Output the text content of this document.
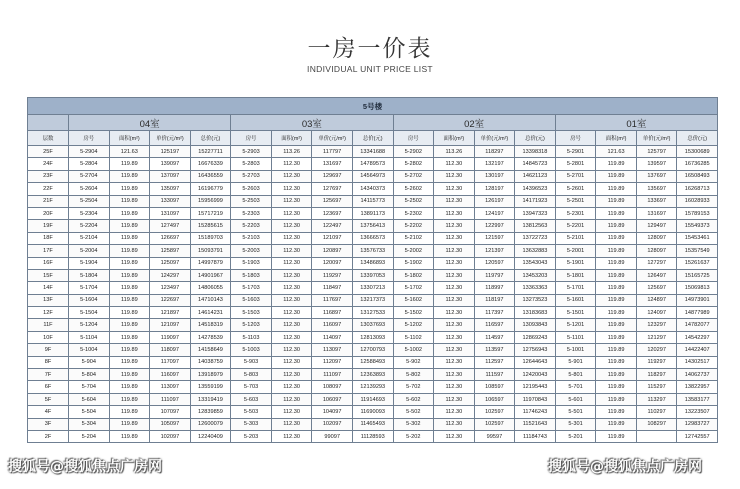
一房一价表
INDIVIDUAL UNIT PRICE LIST
5号楼																
	04室				03室				02室				01室			
层数	房号	面积(m²)	单价(元/m²)	总价(元)	房号	面积(m²)	单价(元/m²)	总价(元)	房号	面积(m²)	单价(元/m²)	总价(元)	房号	面积(m²)	单价(元/m²)	总价(元)
25F	5-2904	121.63	125197	15227711	5-2903	113.26	117797	13341688	5-2902	113.26	118297	13398318	5-2901	121.63	125797	15300689
24F	5-2804	119.89	139097	16676339	5-2803	112.30	131697	14789573	5-2802	112.30	132197	14845723	5-2801	119.89	139597	16736285
23F	5-2704	119.89	137097	16436559	5-2703	112.30	129697	14564973	5-2702	112.30	130197	14621123	5-2701	119.89	137697	16508493
22F	5-2604	119.89	135097	16196779	5-2603	112.30	127697	14340373	5-2602	112.30	128197	14396523	5-2601	119.89	135697	16268713
21F	5-2504	119.89	133097	15956999	5-2503	112.30	125697	14115773	5-2502	112.30	126197	14171923	5-2501	119.89	133697	16028933
20F	5-2304	119.89	131097	15717219	5-2303	112.30	123697	13891173	5-2302	112.30	124197	13947323	5-2301	119.89	131697	15789153
19F	5-2204	119.89	127497	15285615	5-2203	112.30	122497	13756413	5-2202	112.30	122997	13812563	5-2201	119.89	129497	15549373
18F	5-2104	119.89	126697	15189703	5-2103	112.30	121097	13666573	5-2102	112.30	121597	13722723	5-2101	119.89	128097	15453461
17F	5-2004	119.89	125897	15093791	5-2003	112.30	120897	13576733	5-2002	112.30	121397	13632883	5-2001	119.89	128097	15357549
16F	5-1904	119.89	125097	14997879	5-1903	112.30	120097	13486893	5-1902	112.30	120597	13543043	5-1901	119.89	127297	15261637
15F	5-1804	119.89	124297	14901967	5-1803	112.30	119297	13397053	5-1802	112.30	119797	13453203	5-1801	119.89	126497	15165725
14F	5-1704	119.89	123497	14806055	5-1703	112.30	118497	13307213	5-1702	112.30	118997	13363363	5-1701	119.89	125697	15069813
13F	5-1604	119.89	122697	14710143	5-1603	112.30	117697	13217373	5-1602	112.30	118197	13273523	5-1601	119.89	124897	14973901
12F	5-1504	119.89	121897	14614231	5-1503	112.30	116897	13127533	5-1502	112.30	117397	13183683	5-1501	119.89	124097	14877989
11F	5-1204	119.89	121097	14518319	5-1203	112.30	116097	13037693	5-1202	112.30	116597	13093843	5-1201	119.89	123297	14782077
10F	5-1104	119.89	119097	14278539	5-1103	112.30	114097	12813093	5-1102	112.30	114597	12869243	5-1101	119.89	121297	14542297
9F	5-1004	119.89	118097	14158649	5-1003	112.30	113097	12700793	5-1002	112.30	113597	12756943	5-1001	119.89	120297	14422407
8F	5-904	119.89	117097	14038759	5-903	112.30	112097	12588493	5-902	112.30	112597	12644643	5-901	119.89	119297	14302517
7F	5-804	119.89	116097	13918979	5-803	112.30	111097	12363893	5-802	112.30	111597	12420043	5-801	119.89	118297	14062737
6F	5-704	119.89	113097	13559199	5-703	112.30	108097	12139293	5-702	112.30	108597	12195443	5-701	119.89	115297	13822957
5F	5-604	119.89	111097	13319419	5-603	112.30	106097	11914693	5-602	112.30	106597	11970843	5-601	119.89	113297	13583177
4F	5-504	119.89	107097	12839859	5-503	112.30	104097	11690093	5-502	112.30	102597	11746243	5-501	119.89	110297	13223507
3F	5-304	119.89	105097	12600079	5-303	112.30	102097	11465493	5-302	112.30	102597	11521643	5-301	119.89	108297	12983727
2F	5-204	119.89	102097	12240409	5-203	112.30	99097	11128593	5-202	112.30	99597	11184743	5-201	119.89		12742557
搜狐号@搜狐焦点广房网	搜狐号@搜狐焦点广房网
